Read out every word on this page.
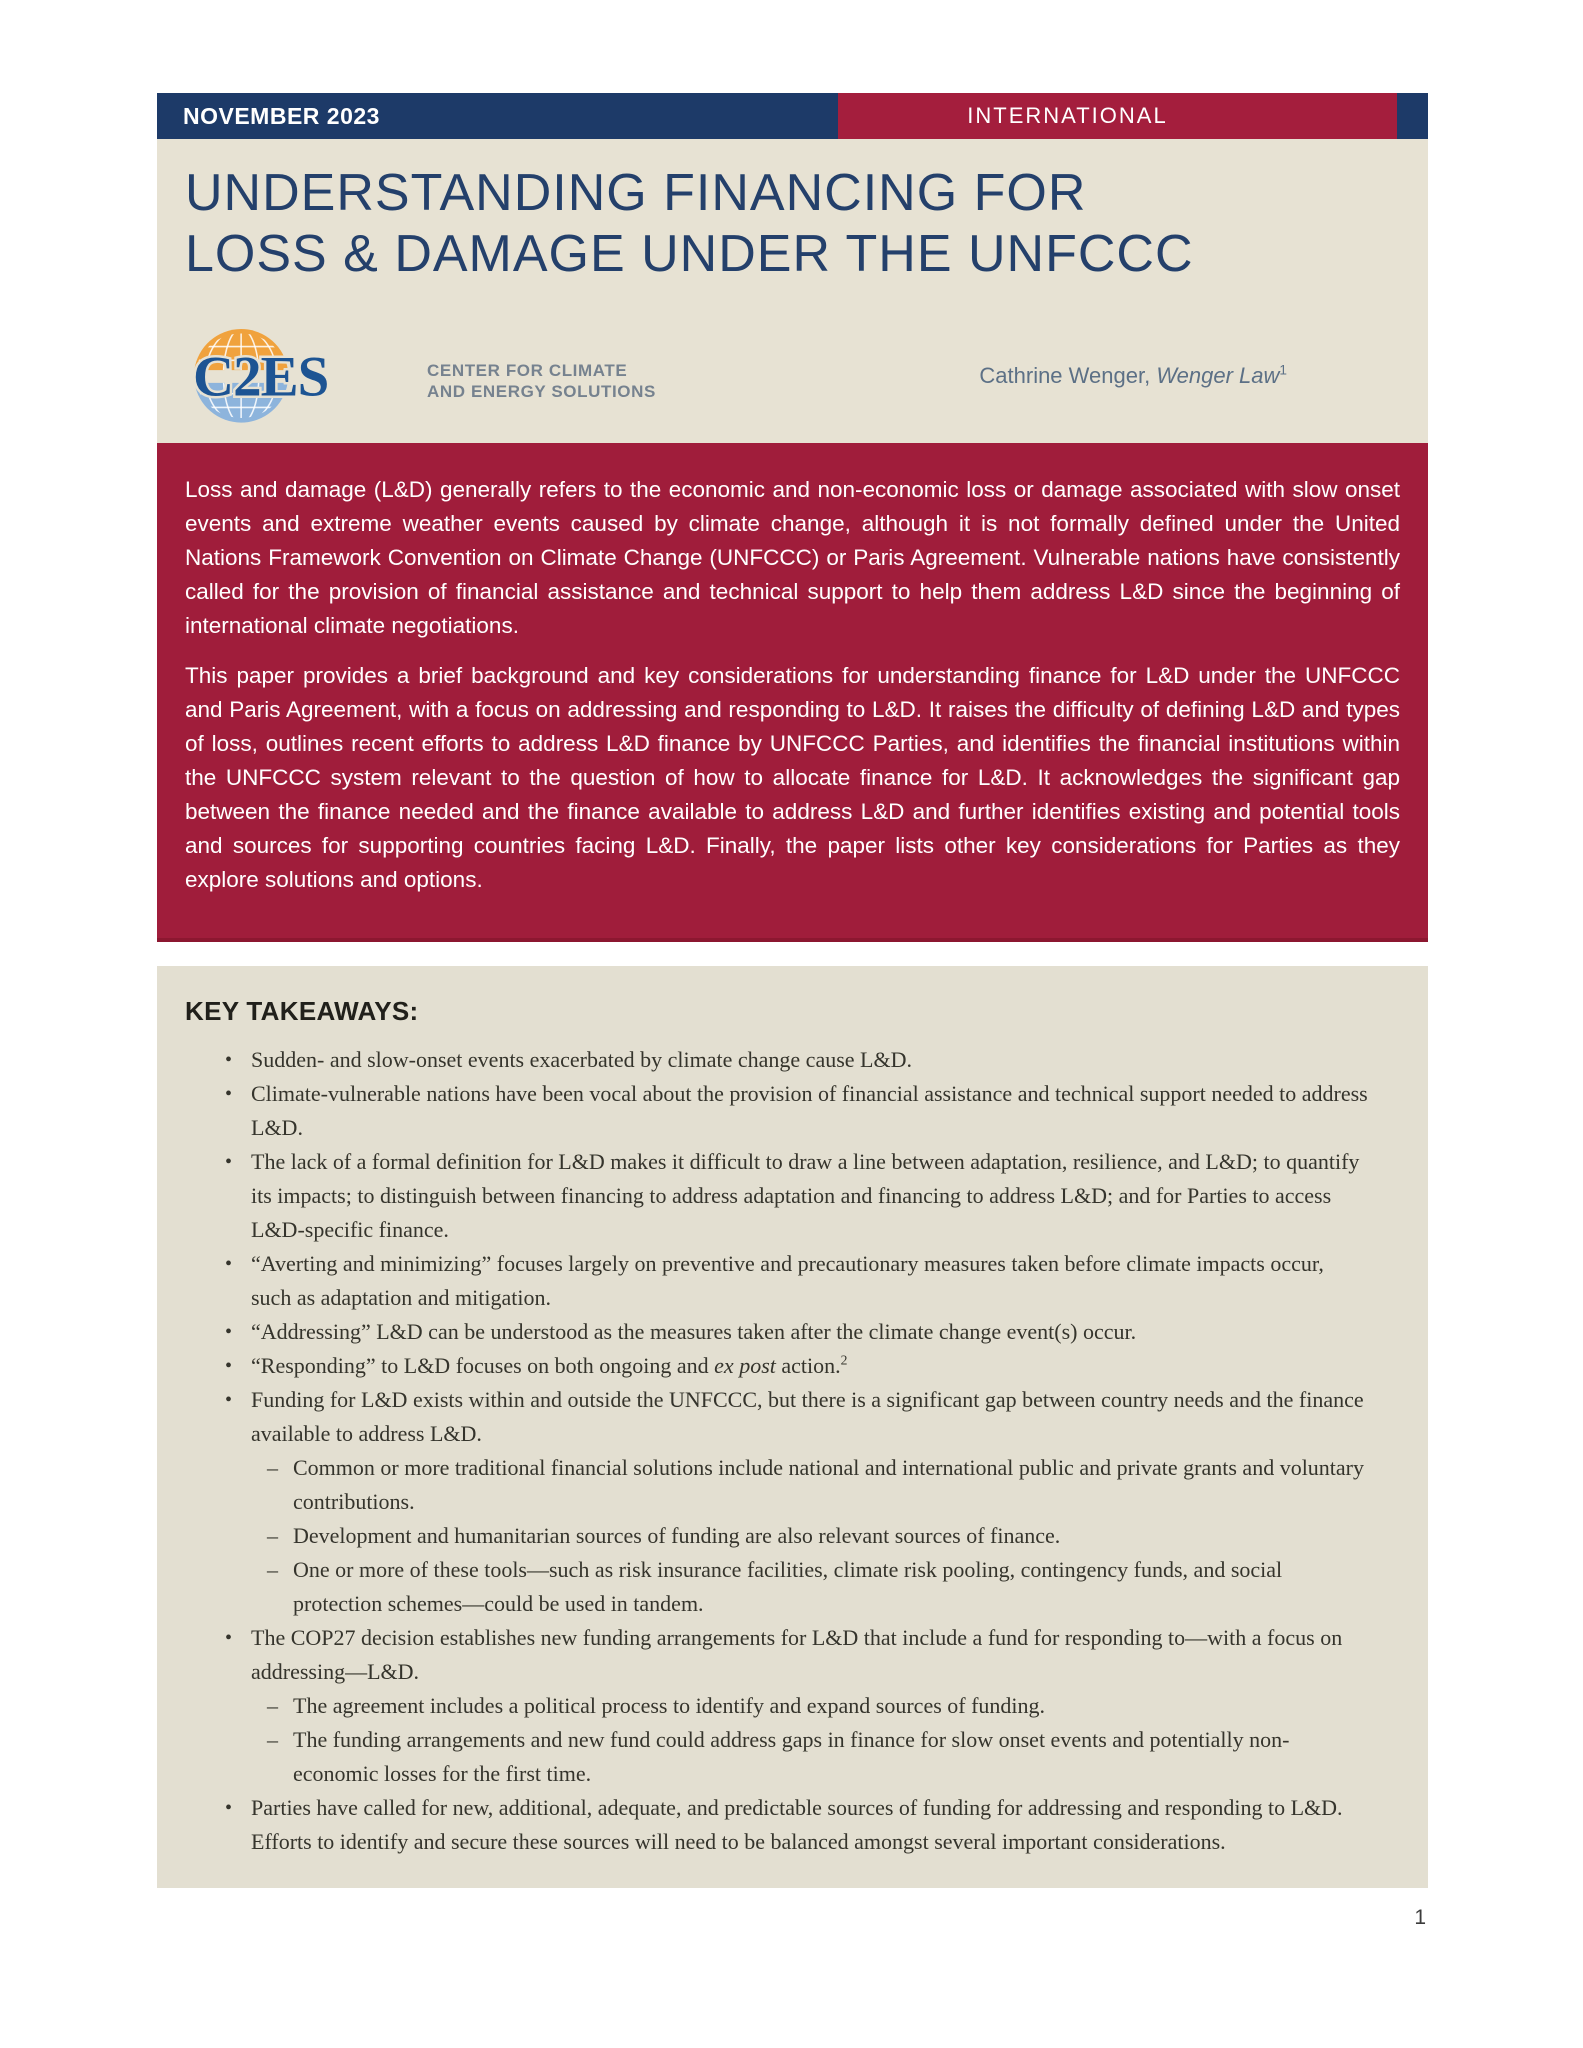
NOVEMBER 2023	INTERNATIONAL
UNDERSTANDING FINANCING FOR
LOSS & DAMAGE UNDER THE UNFCCC
C2ES	CENTER FOR CLIMATE
AND ENERGY SOLUTIONS
Cathrine Wenger, Wenger Law$^1$

Loss and damage (L&D) generally refers to the economic and non-economic loss or damage associated with slow onset events and extreme weather events caused by climate change, although it is not formally defined under the United Nations Framework Convention on Climate Change (UNFCCC) or Paris Agreement. Vulnerable nations have consistently called for the provision of financial assistance and technical support to help them address L&D since the beginning of international climate negotiations.

This paper provides a brief background and key considerations for understanding finance for L&D under the UNFCCC and Paris Agreement, with a focus on addressing and responding to L&D. It raises the difficulty of defining L&D and types of loss, outlines recent efforts to address L&D finance by UNFCCC Parties, and identifies the financial institutions within the UNFCCC system relevant to the question of how to allocate finance for L&D. It acknowledges the significant gap between the finance needed and the finance available to address L&D and further identifies existing and potential tools and sources for supporting countries facing L&D. Finally, the paper lists other key considerations for Parties as they explore solutions and options.

KEY TAKEAWAYS:
• Sudden- and slow-onset events exacerbated by climate change cause L&D.
• Climate-vulnerable nations have been vocal about the provision of financial assistance and technical support needed to address L&D.
• The lack of a formal definition for L&D makes it difficult to draw a line between adaptation, resilience, and L&D; to quantify its impacts; to distinguish between financing to address adaptation and financing to address L&D; and for Parties to access L&D-specific finance.
• “Averting and minimizing” focuses largely on preventive and precautionary measures taken before climate impacts occur, such as adaptation and mitigation.
• “Addressing” L&D can be understood as the measures taken after the climate change event(s) occur.
• “Responding” to L&D focuses on both ongoing and ex post action.$^2$
• Funding for L&D exists within and outside the UNFCCC, but there is a significant gap between country needs and the finance available to address L&D.
– Common or more traditional financial solutions include national and international public and private grants and voluntary contributions.
– Development and humanitarian sources of funding are also relevant sources of finance.
– One or more of these tools—such as risk insurance facilities, climate risk pooling, contingency funds, and social protection schemes—could be used in tandem.
• The COP27 decision establishes new funding arrangements for L&D that include a fund for responding to—with a focus on addressing—L&D.
– The agreement includes a political process to identify and expand sources of funding.
– The funding arrangements and new fund could address gaps in finance for slow onset events and potentially non-economic losses for the first time.
• Parties have called for new, additional, adequate, and predictable sources of funding for addressing and responding to L&D. Efforts to identify and secure these sources will need to be balanced amongst several important considerations.
1
